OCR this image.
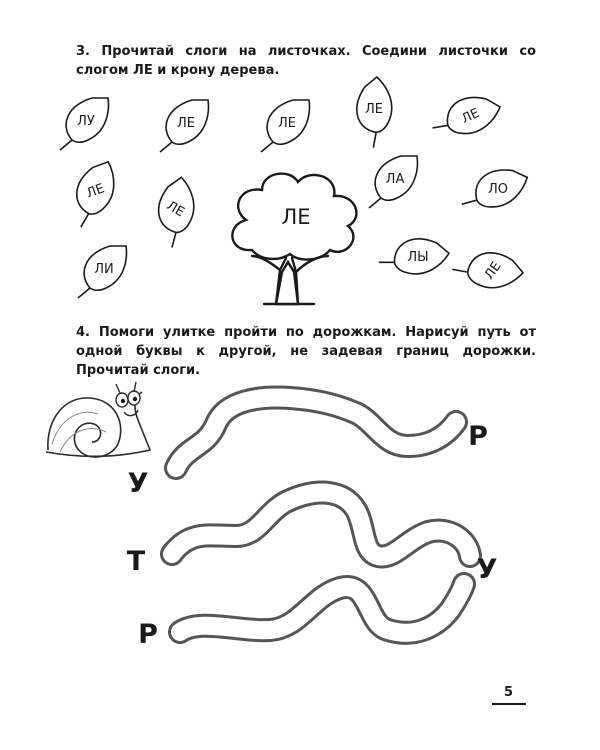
3. Прочитай слоги на листочках. Соедини листочки со слогом ЛЕ и крону дерева.
4. Помоги улитке пройти по дорожкам. Нарисуй путь от одной буквы к другой, не задевая границ дорожки. Прочитай слоги.
ЛУ	ЛЕ	ЛЕ
ЛЕ	ЛЕ
ЛЕ
ЛЕ
ЛА
ЛО
ЛИ
ЛЫ
ЛЕ
ЛЕ
У
Р
Т	У
Р
5
